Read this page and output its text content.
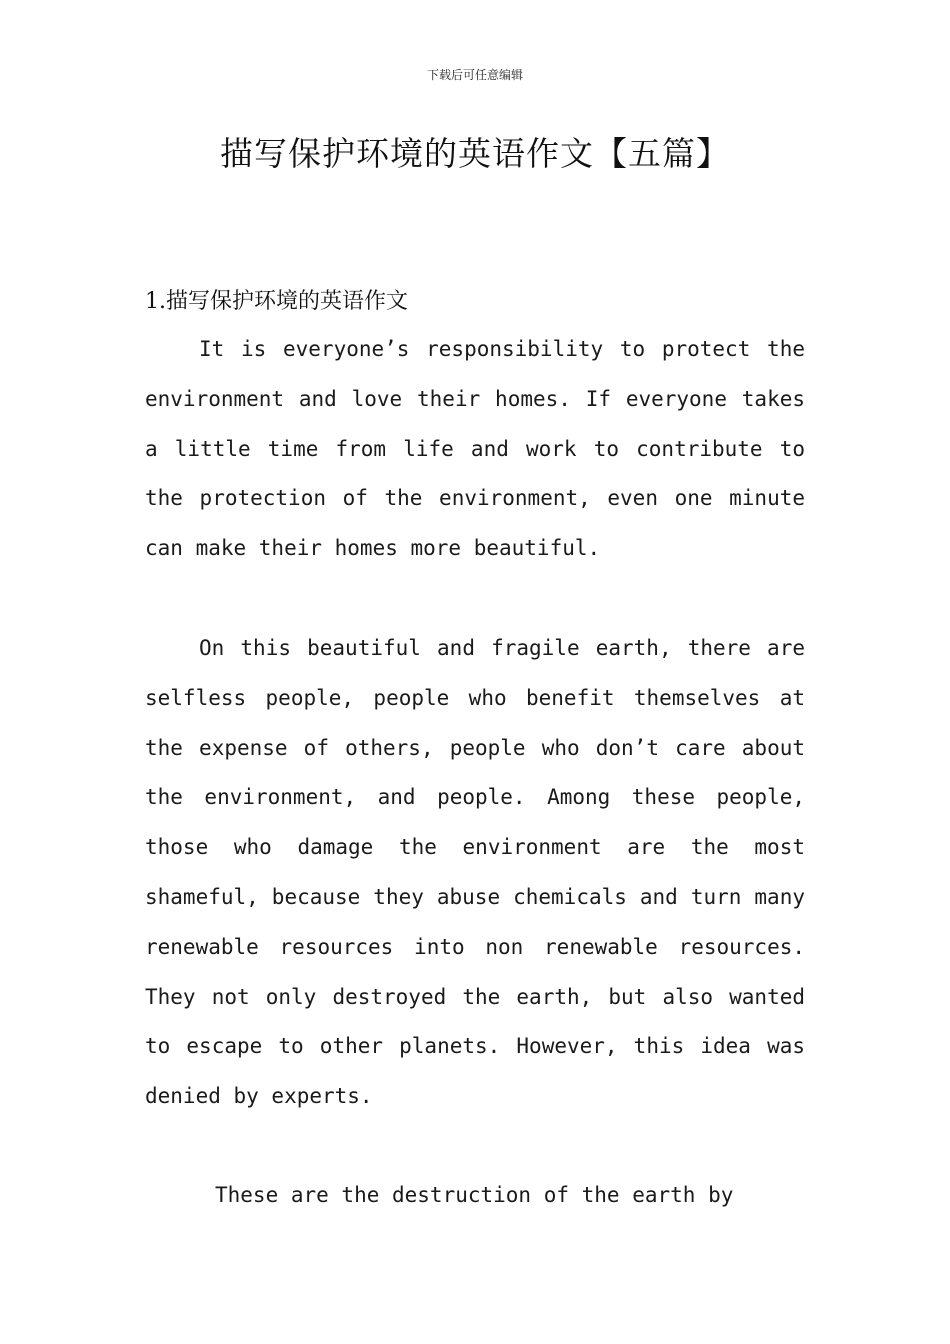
下载后可任意编辑
描写保护环境的英语作文【五篇】
1.描写保护环境的英语作文

It is everyone’s responsibility to protect the environment and love their homes. If everyone takes a little time from life and work to contribute to the protection of the environment, even one minute can make their homes more beautiful.

On this beautiful and fragile earth, there are selfless people, people who benefit themselves at the expense of others, people who don’t care about the environment, and people. Among these people, those who damage the environment are the most shameful, because they abuse chemicals and turn many renewable resources into non renewable resources. They not only destroyed the earth, but also wanted to escape to other planets. However, this idea was denied by experts.

These are the destruction of the earth by
